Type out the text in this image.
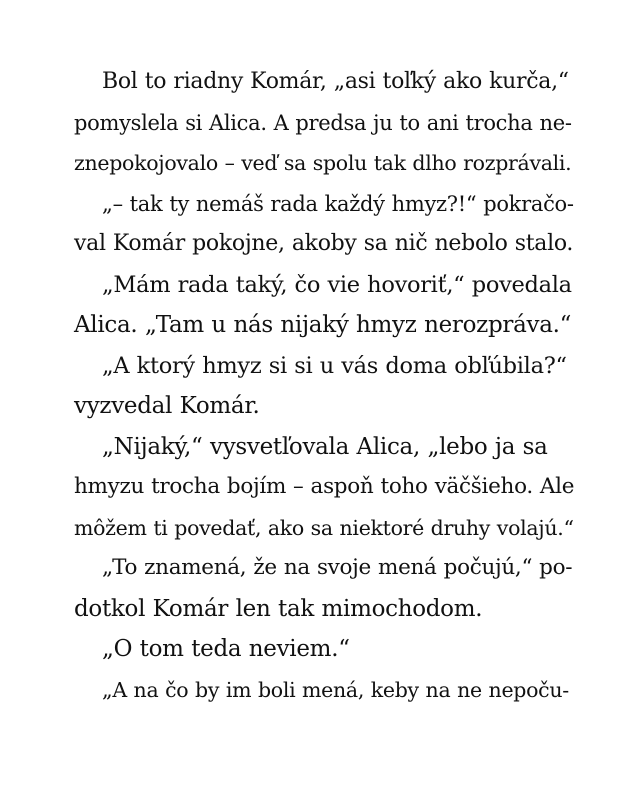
Bol to riadny Komár, „asi toľký ako kurča,“
pomyslela si Alica. A predsa ju to ani trocha ne-
znepokojovalo – veď sa spolu tak dlho rozprávali.
„– tak ty nemáš rada každý hmyz?!“ pokračo-
val Komár pokojne, akoby sa nič nebolo stalo.
„Mám rada taký, čo vie hovoriť,“ povedala
Alica. „Tam u nás nijaký hmyz nerozpráva.“
„A ktorý hmyz si si u vás doma obľúbila?“
vyzvedal Komár.
„Nijaký,“ vysvetľovala Alica, „lebo ja sa
hmyzu trocha bojím – aspoň toho väčšieho. Ale
môžem ti povedať, ako sa niektoré druhy volajú.“
„To znamená, že na svoje mená počujú,“ po-
dotkol Komár len tak mimochodom.
„O tom teda neviem.“
„A na čo by im boli mená, keby na ne nepoču-
